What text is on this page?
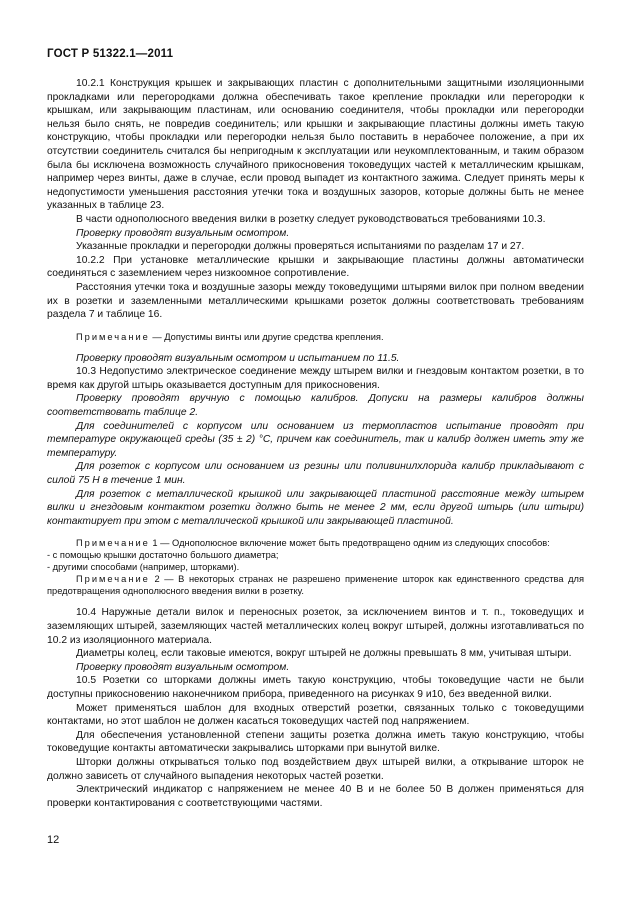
ГОСТ Р 51322.1—2011

10.2.1 Конструкция крышек и закрывающих пластин с дополнительными защитными изоляционными прокладками или перегородками должна обеспечивать такое крепление прокладки или перегородки к крышкам, или закрывающим пластинам, или основанию соединителя, чтобы прокладки или перегородки нельзя было снять, не повредив соединитель; или крышки и закрывающие пластины должны иметь такую конструкцию, чтобы прокладки или перегородки нельзя было поставить в нерабочее положение, а при их отсутствии соединитель считался бы непригодным к эксплуатации или неукомплектованным, и таким образом была бы исключена возможность случайного прикосновения токоведущих частей к металлическим крышкам, например через винты, даже в случае, если провод выпадет из контактного зажима. Следует принять меры к недопустимости уменьшения расстояния утечки тока и воздушных зазоров, которые должны быть не менее указанных в таблице 23.

В части однополюсного введения вилки в розетку следует руководствоваться требованиями 10.3.

Проверку проводят визуальным осмотром.

Указанные прокладки и перегородки должны проверяться испытаниями по разделам 17 и 27.

10.2.2 При установке металлические крышки и закрывающие пластины должны автоматически соединяться с заземлением через низкоомное сопротивление.

Расстояния утечки тока и воздушные зазоры между токоведущими штырями вилок при полном введении их в розетки и заземленными металлическими крышками розеток должны соответствовать требованиям раздела 7 и таблице 16.

Примечание — Допустимы винты или другие средства крепления.

Проверку проводят визуальным осмотром и испытанием по 11.5.

10.3 Недопустимо электрическое соединение между штырем вилки и гнездовым контактом розетки, в то время как другой штырь оказывается доступным для прикосновения.

Проверку проводят вручную с помощью калибров. Допуски на размеры калибров должны соответствовать таблице 2.

Для соединителей с корпусом или основанием из термопластов испытание проводят при температуре окружающей среды (35 ± 2) °С, причем как соединитель, так и калибр должен иметь эту же температуру.

Для розеток с корпусом или основанием из резины или поливинилхлорида калибр прикладывают с силой 75 Н в течение 1 мин.

Для розеток с металлической крышкой или закрывающей пластиной расстояние между штырем вилки и гнездовым контактом розетки должно быть не менее 2 мм, если другой штырь (или штыри) контактирует при этом с металлической крышкой или закрывающей пластиной.

Примечание 1 — Однополюсное включение может быть предотвращено одним из следующих способов:

- с помощью крышки достаточно большого диаметра;

- другими способами (например, шторками).

Примечание 2 — В некоторых странах не разрешено применение шторок как единственного средства для предотвращения однополюсного введения вилки в розетку.

10.4 Наружные детали вилок и переносных розеток, за исключением винтов и т. п., токоведущих и заземляющих штырей, заземляющих частей металлических колец вокруг штырей, должны изготавливаться по 10.2 из изоляционного материала.

Диаметры колец, если таковые имеются, вокруг штырей не должны превышать 8 мм, учитывая штыри.

Проверку проводят визуальным осмотром.

10.5 Розетки со шторками должны иметь такую конструкцию, чтобы токоведущие части не были доступны прикосновению наконечником прибора, приведенного на рисунках 9 и10, без введенной вилки.

Может применяться шаблон для входных отверстий розетки, связанных только с токоведущими контактами, но этот шаблон не должен касаться токоведущих частей под напряжением.

Для обеспечения установленной степени защиты розетка должна иметь такую конструкцию, чтобы токоведущие контакты автоматически закрывались шторками при вынутой вилке.

Шторки должны открываться только под воздействием двух штырей вилки, а открывание шторок не должно зависеть от случайного выпадения некоторых частей розетки.

Электрический индикатор с напряжением не менее 40 В и не более 50 В должен применяться для проверки контактирования с соответствующими частями.

12
